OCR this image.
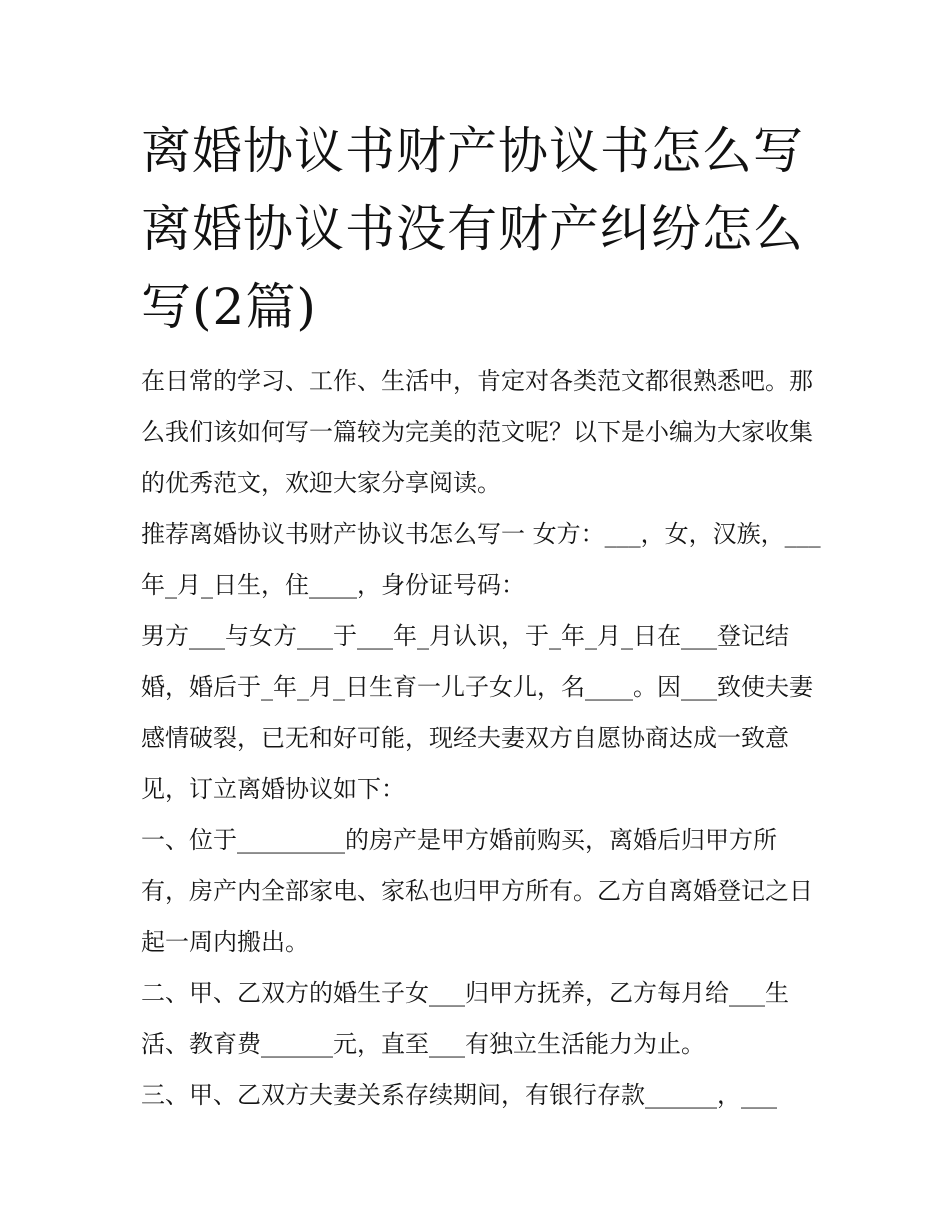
离婚协议书财产协议书怎么写离婚协议书没有财产纠纷怎么写(2篇)

在日常的学习、工作、生活中，肯定对各类范文都很熟悉吧。那么我们该如何写一篇较为完美的范文呢？以下是小编为大家收集的优秀范文，欢迎大家分享阅读。

推荐离婚协议书财产协议书怎么写一 女方：___，女，汉族，___年_月_日生，住____，身份证号码：

男方___与女方___于___年_月认识，于_年_月_日在___登记结婚，婚后于_年_月_日生育一儿子女儿，名____。因___致使夫妻感情破裂，已无和好可能，现经夫妻双方自愿协商达成一致意见，订立离婚协议如下：

一、位于_________的房产是甲方婚前购买，离婚后归甲方所有，房产内全部家电、家私也归甲方所有。乙方自离婚登记之日起一周内搬出。

二、甲、乙双方的婚生子女___归甲方抚养，乙方每月给___生活、教育费______元，直至___有独立生活能力为止。

三、甲、乙双方夫妻关系存续期间，有银行存款______，___
